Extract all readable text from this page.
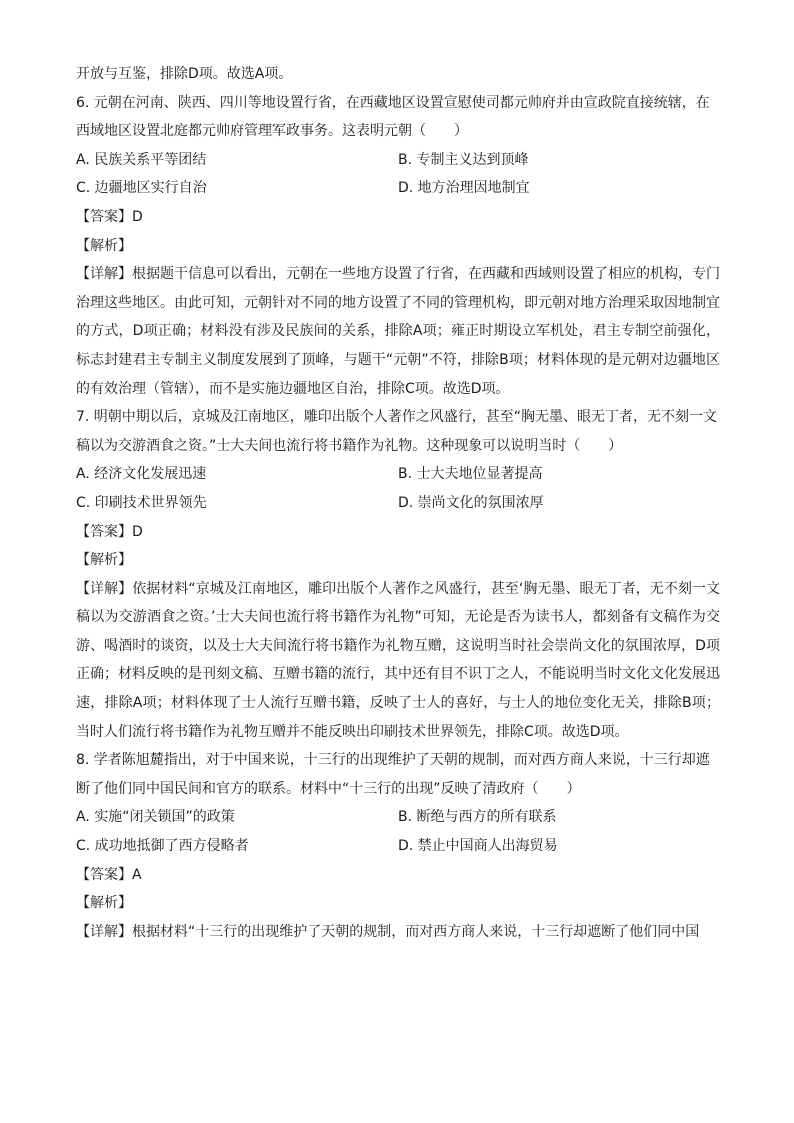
开放与互鉴，排除D项。故选A项。

6. 元朝在河南、陕西、四川等地设置行省，在西藏地区设置宣慰使司都元帅府并由宣政院直接统辖，在西域地区设置北庭都元帅府管理军政事务。这表明元朝（　　）

A. 民族关系平等团结	B. 专制主义达到顶峰
C. 边疆地区实行自治	D. 地方治理因地制宜

【答案】D

【解析】

【详解】根据题干信息可以看出，元朝在一些地方设置了行省，在西藏和西域则设置了相应的机构，专门治理这些地区。由此可知，元朝针对不同的地方设置了不同的管理机构，即元朝对地方治理采取因地制宜的方式，D项正确；材料没有涉及民族间的关系，排除A项；雍正时期设立军机处，君主专制空前强化，标志封建君主专制主义制度发展到了顶峰，与题干“元朝”不符，排除B项；材料体现的是元朝对边疆地区的有效治理（管辖），而不是实施边疆地区自治，排除C项。故选D项。

7. 明朝中期以后，京城及江南地区，雕印出版个人著作之风盛行，甚至“胸无墨、眼无丁者，无不刻一文稿以为交游酒食之资。”士大夫间也流行将书籍作为礼物。这种现象可以说明当时（　　）

A. 经济文化发展迅速	B. 士大夫地位显著提高
C. 印刷技术世界领先	D. 崇尚文化的氛围浓厚

【答案】D

【解析】

【详解】依据材料“京城及江南地区，雕印出版个人著作之风盛行，甚至‘胸无墨、眼无丁者，无不刻一文稿以为交游酒食之资。’士大夫间也流行将书籍作为礼物”可知，无论是否为读书人，都刻备有文稿作为交游、喝酒时的谈资，以及士大夫间流行将书籍作为礼物互赠，这说明当时社会崇尚文化的氛围浓厚，D项正确；材料反映的是刊刻文稿、互赠书籍的流行，其中还有目不识丁之人，不能说明当时文化文化发展迅速，排除A项；材料体现了士人流行互赠书籍，反映了士人的喜好，与士人的地位变化无关，排除B项；当时人们流行将书籍作为礼物互赠并不能反映出印刷技术世界领先，排除C项。故选D项。

8. 学者陈旭麓指出，对于中国来说，十三行的出现维护了天朝的规制，而对西方商人来说，十三行却遮断了他们同中国民间和官方的联系。材料中“十三行的出现”反映了清政府（　　）

A. 实施“闭关锁国”的政策	B. 断绝与西方的所有联系
C. 成功地抵御了西方侵略者	D. 禁止中国商人出海贸易

【答案】A

【解析】

【详解】根据材料“十三行的出现维护了天朝的规制，而对西方商人来说，十三行却遮断了他们同中国
